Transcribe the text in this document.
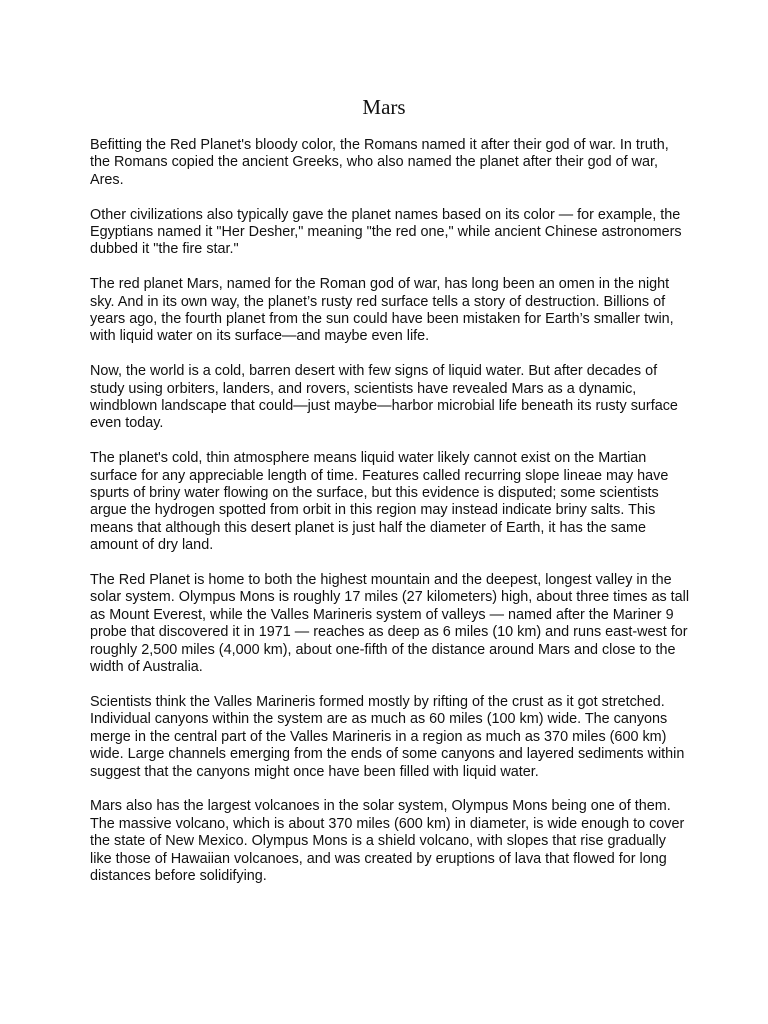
Mars

Befitting the Red Planet's bloody color, the Romans named it after their god of war. In truth, the Romans copied the ancient Greeks, who also named the planet after their god of war, Ares.

Other civilizations also typically gave the planet names based on its color — for example, the Egyptians named it "Her Desher," meaning "the red one," while ancient Chinese astronomers dubbed it "the fire star."

The red planet Mars, named for the Roman god of war, has long been an omen in the night sky. And in its own way, the planet’s rusty red surface tells a story of destruction. Billions of years ago, the fourth planet from the sun could have been mistaken for Earth’s smaller twin, with liquid water on its surface—and maybe even life.

Now, the world is a cold, barren desert with few signs of liquid water. But after decades of study using orbiters, landers, and rovers, scientists have revealed Mars as a dynamic, windblown landscape that could—just maybe—harbor microbial life beneath its rusty surface even today.

The planet's cold, thin atmosphere means liquid water likely cannot exist on the Martian surface for any appreciable length of time. Features called recurring slope lineae may have spurts of briny water flowing on the surface, but this evidence is disputed; some scientists argue the hydrogen spotted from orbit in this region may instead indicate briny salts. This means that although this desert planet is just half the diameter of Earth, it has the same amount of dry land.

The Red Planet is home to both the highest mountain and the deepest, longest valley in the solar system. Olympus Mons is roughly 17 miles (27 kilometers) high, about three times as tall as Mount Everest, while the Valles Marineris system of valleys — named after the Mariner 9 probe that discovered it in 1971 — reaches as deep as 6 miles (10 km) and runs east-west for roughly 2,500 miles (4,000 km), about one-fifth of the distance around Mars and close to the width of Australia.

Scientists think the Valles Marineris formed mostly by rifting of the crust as it got stretched. Individual canyons within the system are as much as 60 miles (100 km) wide. The canyons merge in the central part of the Valles Marineris in a region as much as 370 miles (600 km) wide. Large channels emerging from the ends of some canyons and layered sediments within suggest that the canyons might once have been filled with liquid water.

Mars also has the largest volcanoes in the solar system, Olympus Mons being one of them. The massive volcano, which is about 370 miles (600 km) in diameter, is wide enough to cover the state of New Mexico. Olympus Mons is a shield volcano, with slopes that rise gradually like those of Hawaiian volcanoes, and was created by eruptions of lava that flowed for long distances before solidifying.
